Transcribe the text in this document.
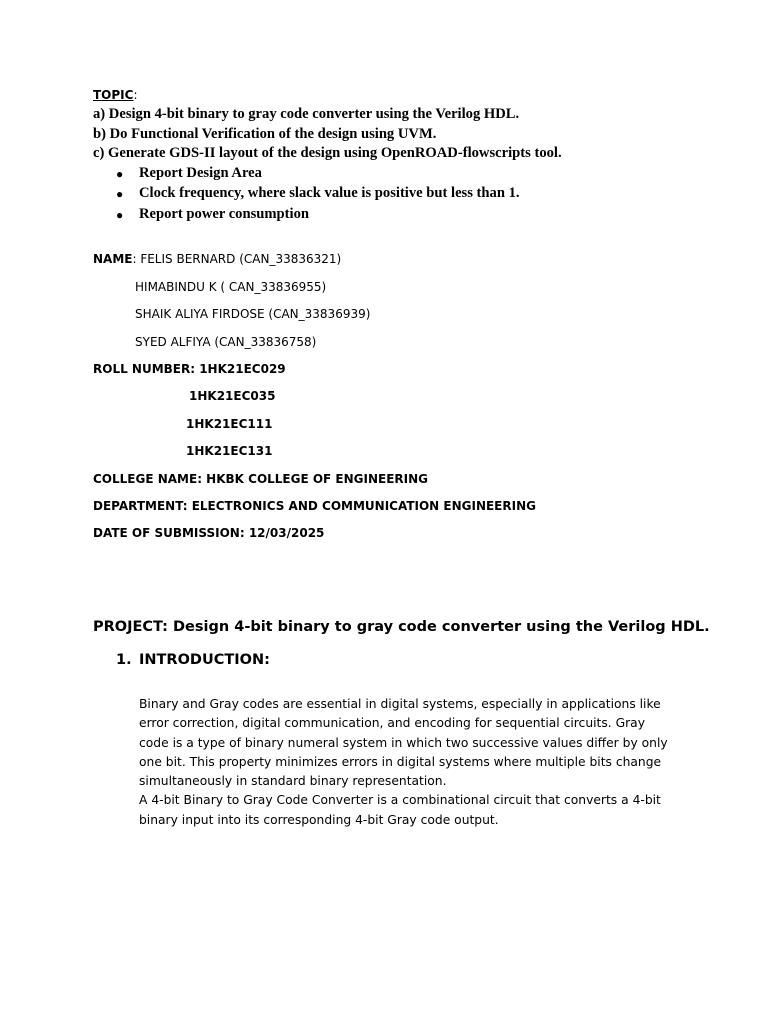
TOPIC:
a) Design 4-bit binary to gray code converter using the Verilog HDL.
b) Do Functional Verification of the design using UVM.
c) Generate GDS-II layout of the design using OpenROAD-flowscripts tool.
● Report Design Area
● Clock frequency, where slack value is positive but less than 1.
● Report power consumption
NAME: FELIS BERNARD (CAN_33836321)
HIMABINDU K ( CAN_33836955)
SHAIK ALIYA FIRDOSE (CAN_33836939)
SYED ALFIYA (CAN_33836758)
ROLL NUMBER: 1HK21EC029
1HK21EC035
1HK21EC111
1HK21EC131
COLLEGE NAME: HKBK COLLEGE OF ENGINEERING
DEPARTMENT: ELECTRONICS AND COMMUNICATION ENGINEERING
DATE OF SUBMISSION: 12/03/2025
PROJECT: Design 4-bit binary to gray code converter using the Verilog HDL.
1. INTRODUCTION:

Binary and Gray codes are essential in digital systems, especially in applications like

error correction, digital communication, and encoding for sequential circuits. Gray

code is a type of binary numeral system in which two successive values differ by only

one bit. This property minimizes errors in digital systems where multiple bits change

simultaneously in standard binary representation.

A 4-bit Binary to Gray Code Converter is a combinational circuit that converts a 4-bit

binary input into its corresponding 4-bit Gray code output.
